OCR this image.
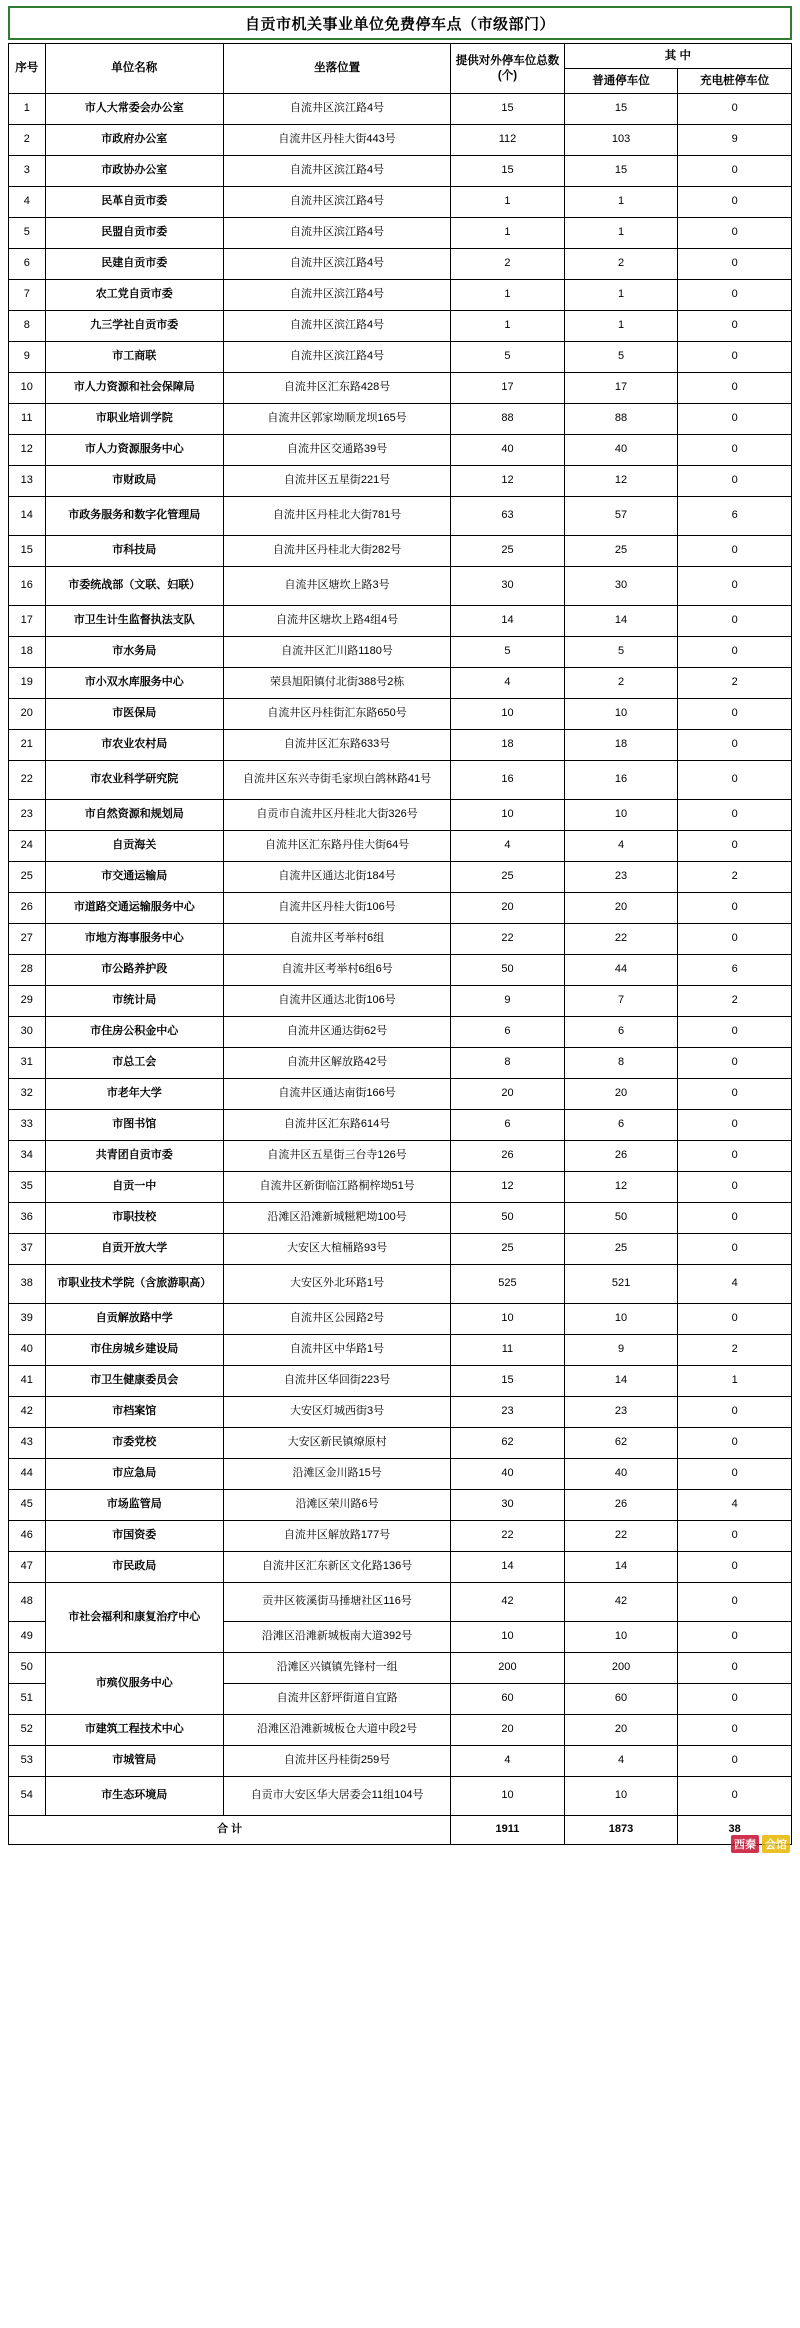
自贡市机关事业单位免费停车点（市级部门）
序号	单位名称	坐落位置	提供对外停车位总数(个)	其 中	
				普通停车位	充电桩停车位
1	市人大常委会办公室	自流井区滨江路4号	15	15	0
2	市政府办公室	自流井区丹桂大街443号	112	103	9
3	市政协办公室	自流井区滨江路4号	15	15	0
4	民革自贡市委	自流井区滨江路4号	1	1	0
5	民盟自贡市委	自流井区滨江路4号	1	1	0
6	民建自贡市委	自流井区滨江路4号	2	2	0
7	农工党自贡市委	自流井区滨江路4号	1	1	0
8	九三学社自贡市委	自流井区滨江路4号	1	1	0
9	市工商联	自流井区滨江路4号	5	5	0
10	市人力资源和社会保障局	自流井区汇东路428号	17	17	0
11	市职业培训学院	自流井区郭家坳顺龙坝165号	88	88	0
12	市人力资源服务中心	自流井区交通路39号	40	40	0
13	市财政局	自流井区五星街221号	12	12	0
14	市政务服务和数字化管理局	自流井区丹桂北大街781号	63	57	6
15	市科技局	自流井区丹桂北大街282号	25	25	0
16	市委统战部（文联、妇联）	自流井区塘坎上路3号	30	30	0
17	市卫生计生监督执法支队	自流井区塘坎上路4组4号	14	14	0
18	市水务局	自流井区汇川路1180号	5	5	0
19	市小双水库服务中心	荣县旭阳镇付北街388号2栋	4	2	2
20	市医保局	自流井区丹桂街汇东路650号	10	10	0
21	市农业农村局	自流井区汇东路633号	18	18	0
22	市农业科学研究院	自流井区东兴寺街毛家坝白鸽林路41号	16	16	0
23	市自然资源和规划局	自贡市自流井区丹桂北大街326号	10	10	0
24	自贡海关	自流井区汇东路丹佳大街64号	4	4	0
25	市交通运输局	自流井区通达北街184号	25	23	2
26	市道路交通运输服务中心	自流井区丹桂大街106号	20	20	0
27	市地方海事服务中心	自流井区考举村6组	22	22	0
28	市公路养护段	自流井区考举村6组6号	50	44	6
29	市统计局	自流井区通达北街106号	9	7	2
30	市住房公积金中心	自流井区通达街62号	6	6	0
31	市总工会	自流井区解放路42号	8	8	0
32	市老年大学	自流井区通达南街166号	20	20	0
33	市图书馆	自流井区汇东路614号	6	6	0
34	共青团自贡市委	自流井区五星街三台寺126号	26	26	0
35	自贡一中	自流井区新街临江路桐梓坳51号	12	12	0
36	市职技校	沿滩区沿滩新城糍粑坳100号	50	50	0
37	自贡开放大学	大安区大楦桶路93号	25	25	0
38	市职业技术学院（含旅游职高）	大安区外北环路1号	525	521	4
39	自贡解放路中学	自流井区公园路2号	10	10	0
40	市住房城乡建设局	自流井区中华路1号	11	9	2
41	市卫生健康委员会	自流井区华回街223号	15	14	1
42	市档案馆	大安区灯城西街3号	23	23	0
43	市委党校	大安区新民镇燎原村	62	62	0
44	市应急局	沿滩区金川路15号	40	40	0
45	市场监管局	沿滩区荣川路6号	30	26	4
46	市国资委	自流井区解放路177号	22	22	0
47	市民政局	自流井区汇东新区文化路136号	14	14	0
48	市社会福利和康复治疗中心	贡井区筱溪街马捶塘社区116号	42	42	0
49		沿滩区沿滩新城板南大道392号	10	10	0
50	市殡仪服务中心	沿滩区兴镇镇先锋村一组	200	200	0
51		自流井区舒坪街道自宜路	60	60	0
52	市建筑工程技术中心	沿滩区沿滩新城板仓大道中段2号	20	20	0
53	市城管局	自流井区丹桂街259号	4	4	0
54	市生态环境局	自贡市大安区华大居委会11组104号	10	10	0
合 计			1911	1873	38
西秦 会馆
